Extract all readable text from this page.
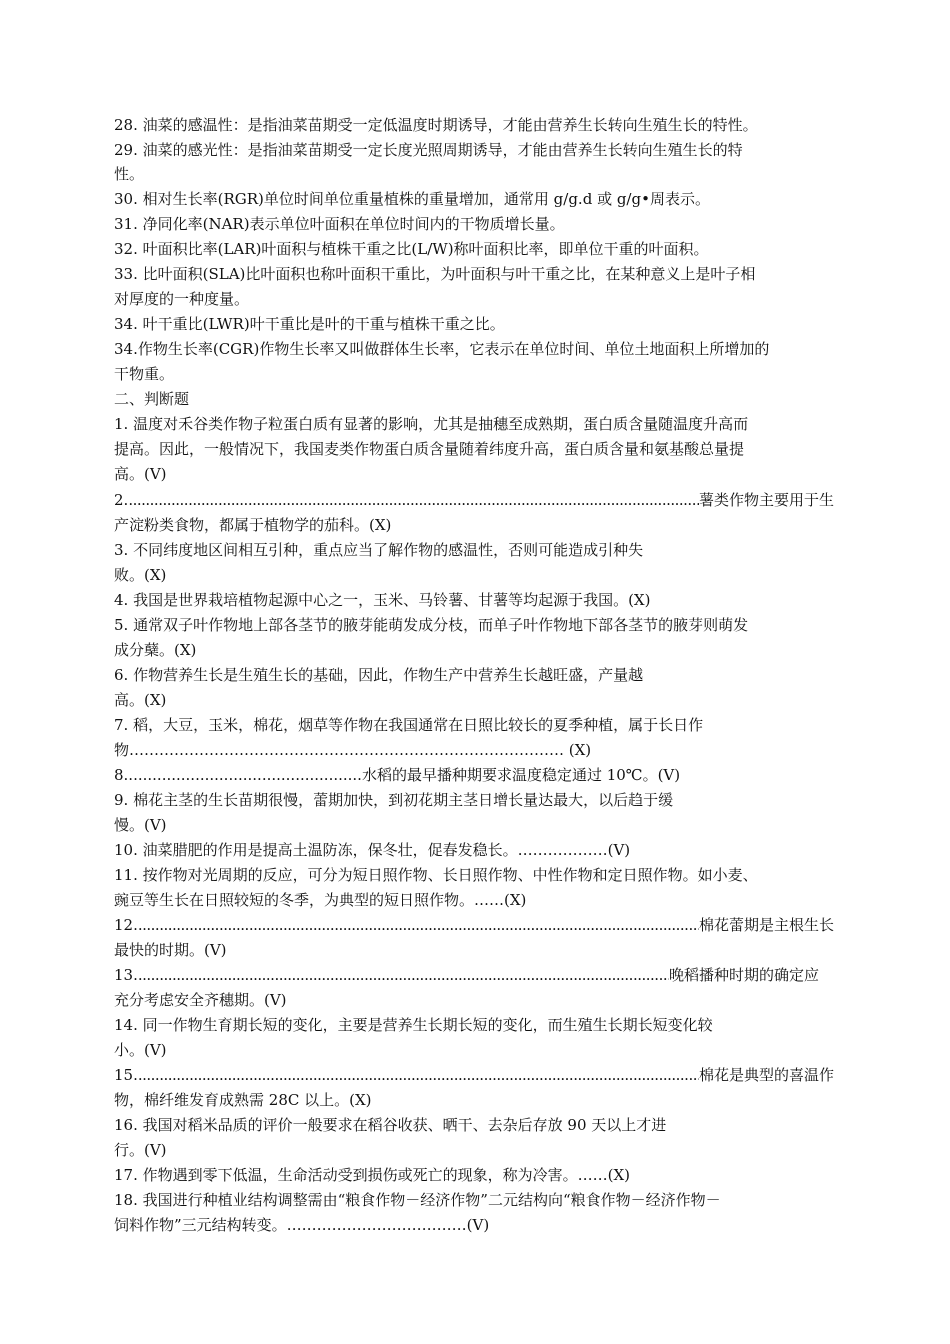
28. 油菜的感温性：是指油菜苗期受一定低温度时期诱导，才能由营养生长转向生殖生长的特性。
29. 油菜的感光性：是指油菜苗期受一定长度光照周期诱导，才能由营养生长转向生殖生长的特
性。
30. 相对生长率(RGR)单位时间单位重量植株的重量增加，通常用 g/g.d 或 g/g•周表示。
31. 净同化率(NAR)表示单位叶面积在单位时间内的干物质增长量。
32. 叶面积比率(LAR)叶面积与植株干重之比(L/W)称叶面积比率，即单位干重的叶面积。
33. 比叶面积(SLA)比叶面积也称叶面积干重比，为叶面积与叶干重之比，在某种意义上是叶子相
对厚度的一种度量。
34. 叶干重比(LWR)叶干重比是叶的干重与植株干重之比。
34.作物生长率(CGR)作物生长率又叫做群体生长率，它表示在单位时间、单位土地面积上所增加的
干物重。
二、判断题
1. 温度对禾谷类作物子粒蛋白质有显著的影响，尤其是抽穗至成熟期，蛋白质含量随温度升高而
提高。因此，一般情况下，我国麦类作物蛋白质含量随着纬度升高，蛋白质含量和氨基酸总量提
高。(V)
2. .....	薯类作物主要用于生
产淀粉类食物，都属于植物学的茄科。(X)
3. 不同纬度地区间相互引种，重点应当了解作物的感温性，否则可能造成引种失
败。(X)
4. 我国是世界栽培植物起源中心之一，玉米、马铃薯、甘薯等均起源于我国。(X)
5. 通常双子叶作物地上部各茎节的腋芽能萌发成分枝，而单子叶作物地下部各茎节的腋芽则萌发
成分蘖。(X)
6. 作物营养生长是生殖生长的基础，因此，作物生产中营养生长越旺盛，产量越
高。(X)
7. 稻，大豆，玉米，棉花，烟草等作物在我国通常在日照比较长的夏季种植，属于长日作
物…………………………………………………………………………… (X)
8..................................................水稻的最早播种期要求温度稳定通过 10℃。(V)
9. 棉花主茎的生长苗期很慢，蕾期加快，到初花期主茎日增长量达最大，以后趋于缓
慢。(V)
10. 油菜腊肥的作用是提高土温防冻，保冬壮，促春发稳长。………………(V)
11. 按作物对光周期的反应，可分为短日照作物、长日照作物、中性作物和定日照作物。如小麦、
豌豆等生长在日照较短的冬季，为典型的短日照作物。……(X)
12. .....	棉花蕾期是主根生长
最快的时期。(V)
13. .....	晚稻播种时期的确定应
充分考虑安全齐穗期。(V)
14. 同一作物生育期长短的变化，主要是营养生长期长短的变化，而生殖生长期长短变化较
小。(V)
15. .....	棉花是典型的喜温作
物，棉纤维发育成熟需 28C 以上。(X)
16. 我国对稻米品质的评价一般要求在稻谷收获、晒干、去杂后存放 90 天以上才进
行。(V)
17. 作物遇到零下低温，生命活动受到损伤或死亡的现象，称为冷害。……(X)
18. 我国进行种植业结构调整需由“粮食作物－经济作物”二元结构向“粮食作物－经济作物－
饲料作物”三元结构转变。………………………………(V)
